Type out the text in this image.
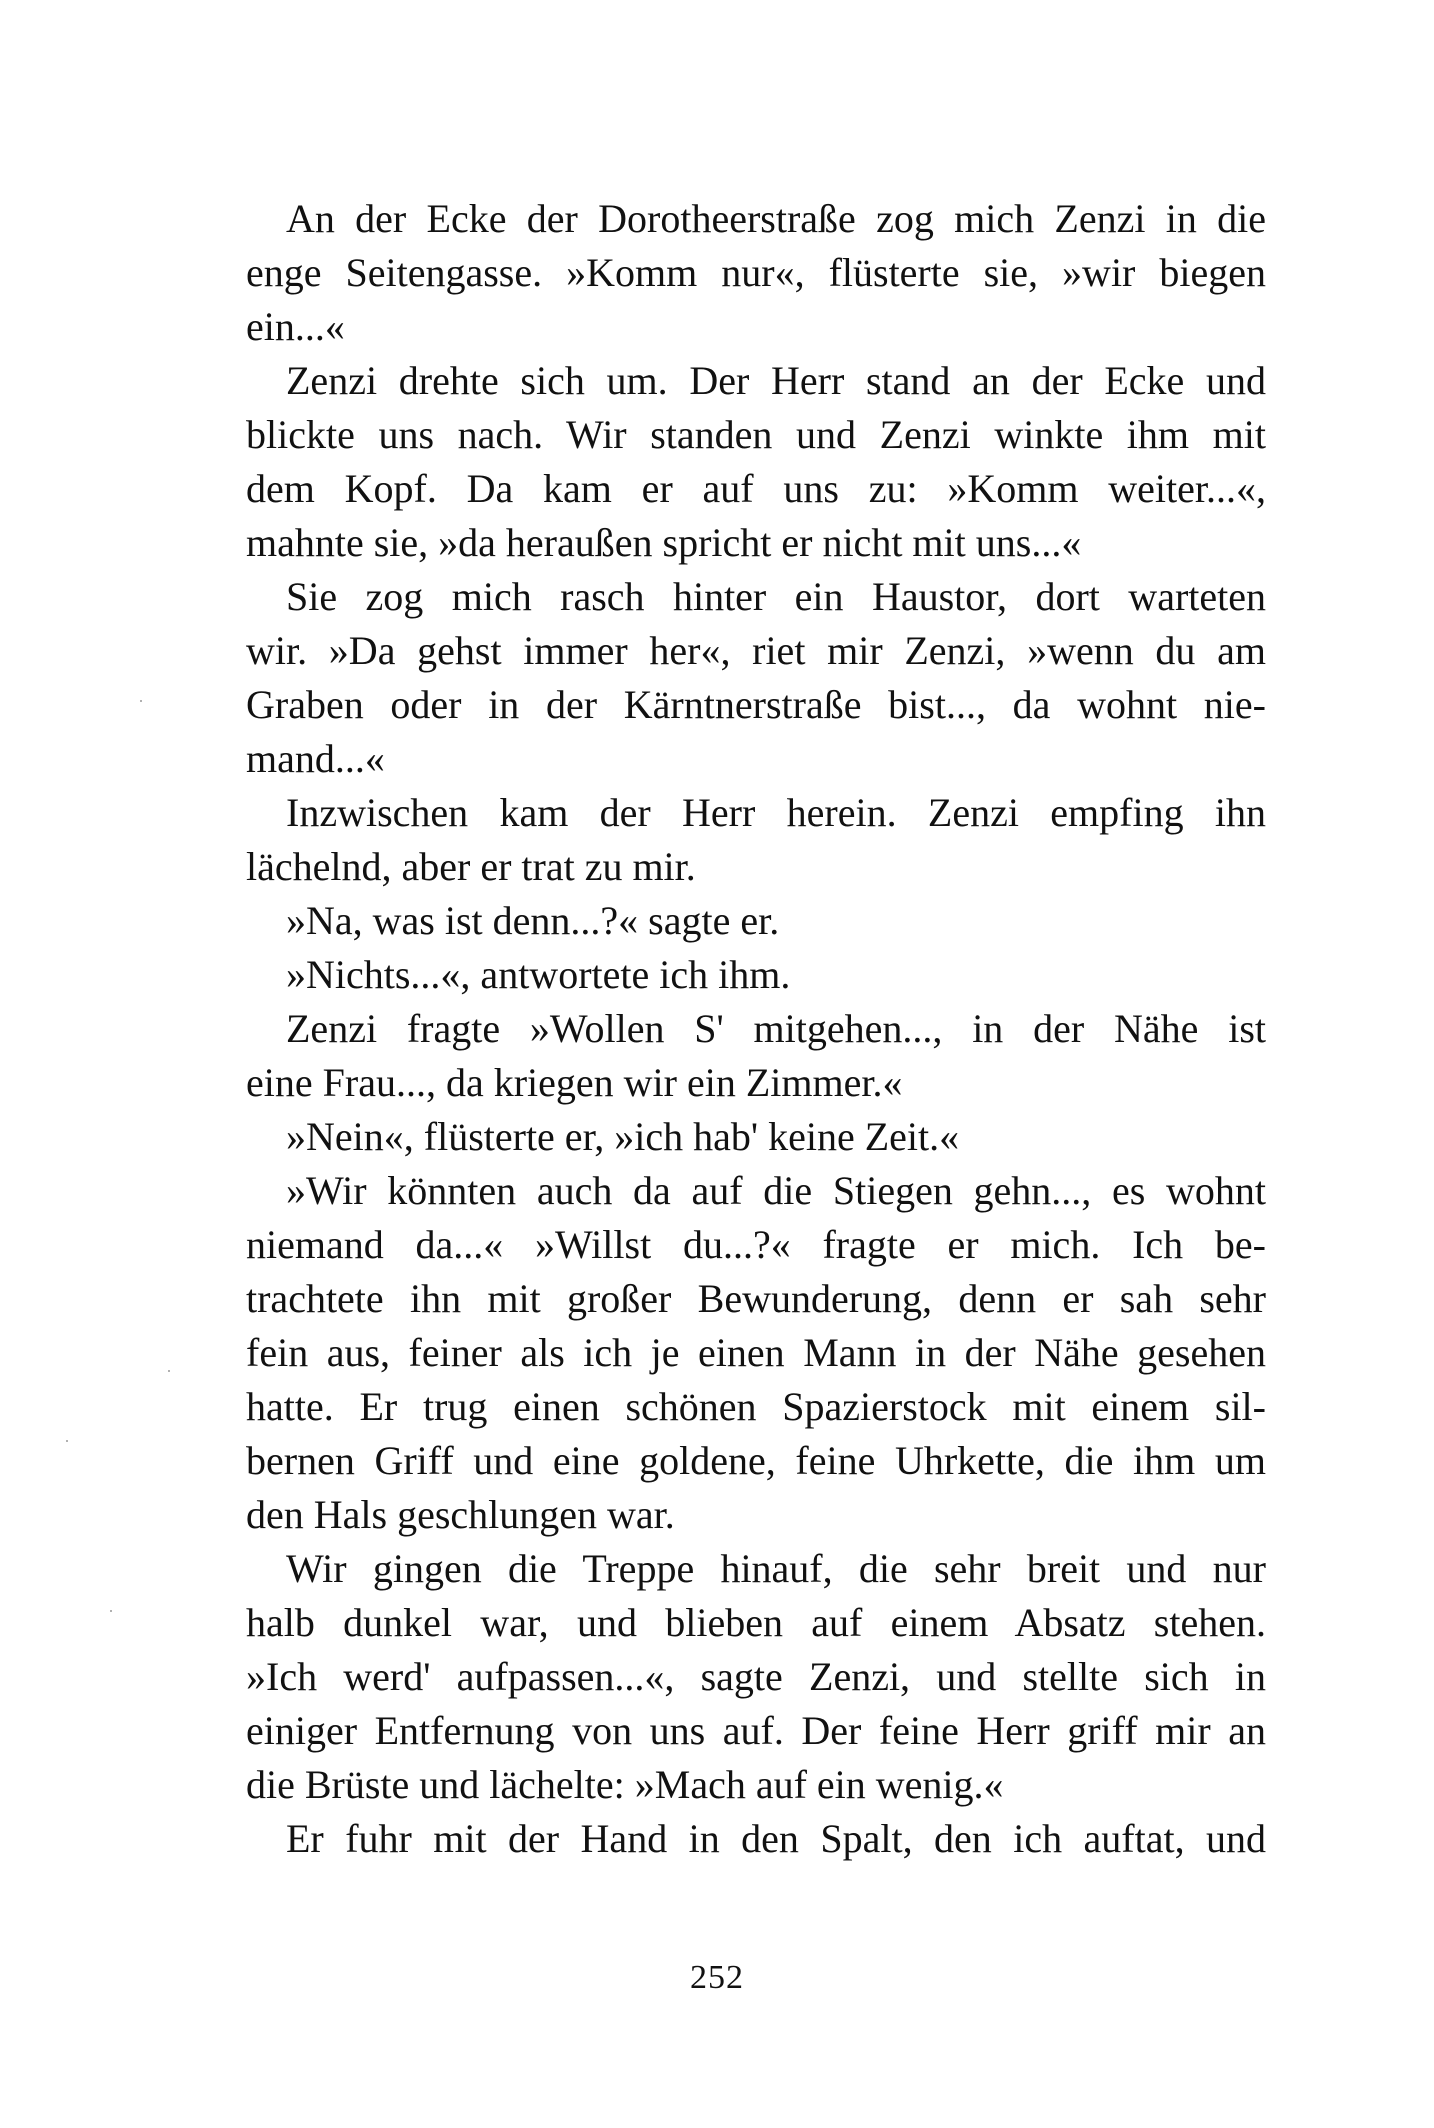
An der Ecke der Dorotheerstraße zog mich Zenzi in die
enge Seitengasse. »Komm nur«, flüsterte sie, »wir biegen
ein...«
Zenzi drehte sich um. Der Herr stand an der Ecke und
blickte uns nach. Wir standen und Zenzi winkte ihm mit
dem Kopf. Da kam er auf uns zu: »Komm weiter...«,
mahnte sie, »da heraußen spricht er nicht mit uns...«
Sie zog mich rasch hinter ein Haustor, dort warteten
wir. »Da gehst immer her«, riet mir Zenzi, »wenn du am
Graben oder in der Kärntnerstraße bist..., da wohnt nie-
mand...«
Inzwischen kam der Herr herein. Zenzi empfing ihn
lächelnd, aber er trat zu mir.
»Na, was ist denn...?« sagte er.
»Nichts...«, antwortete ich ihm.
Zenzi fragte »Wollen S' mitgehen..., in der Nähe ist
eine Frau..., da kriegen wir ein Zimmer.«
»Nein«, flüsterte er, »ich hab' keine Zeit.«
»Wir könnten auch da auf die Stiegen gehn..., es wohnt
niemand da...« »Willst du...?« fragte er mich. Ich be-
trachtete ihn mit großer Bewunderung, denn er sah sehr
fein aus, feiner als ich je einen Mann in der Nähe gesehen
hatte. Er trug einen schönen Spazierstock mit einem sil-
bernen Griff und eine goldene, feine Uhrkette, die ihm um
den Hals geschlungen war.
Wir gingen die Treppe hinauf, die sehr breit und nur
halb dunkel war, und blieben auf einem Absatz stehen.
»Ich werd' aufpassen...«, sagte Zenzi, und stellte sich in
einiger Entfernung von uns auf. Der feine Herr griff mir an
die Brüste und lächelte: »Mach auf ein wenig.«
Er fuhr mit der Hand in den Spalt, den ich auftat, und
252
